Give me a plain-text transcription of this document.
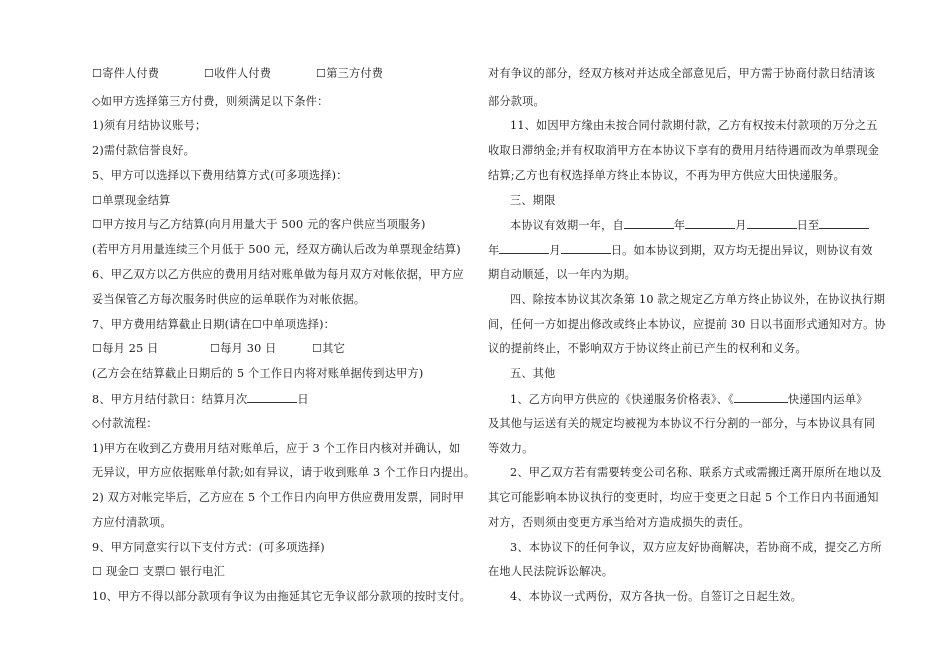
☐寄件人付费	☐收件人付费	☐第三方付费
◇如甲方选择第三方付费，则须满足以下条件：
1)须有月结协议账号；
2)需付款信誉良好。
5、甲方可以选择以下费用结算方式(可多项选择)：
☐单票现金结算
☐甲方按月与乙方结算(向月用量大于 500 元的客户供应当项服务)
(若甲方月用量连续三个月低于 500 元，经双方确认后改为单票现金结算)
6、甲乙双方以乙方供应的费用月结对账单做为每月双方对帐依据，甲方应
妥当保管乙方每次服务时供应的运单联作为对帐依据。
7、甲方费用结算截止日期(请在☐中单项选择)：
☐每月 25 日	☐每月 30 日	☐其它
(乙方会在结算截止日期后的 5 个工作日内将对账单据传到达甲方)
8、甲方月结付款日：结算月次	日
◇付款流程：
1)甲方在收到乙方费用月结对账单后，应于 3 个工作日内核对并确认，如
无异议，甲方应依据账单付款;如有异议，请于收到账单 3 个工作日内提出。
2) 双方对帐完毕后，乙方应在 5 个工作日内向甲方供应费用发票，同时甲
方应付清款项。
9、甲方同意实行以下支付方式：(可多项选择)
☐ 现金☐ 支票☐ 银行电汇
10、甲方不得以部分款项有争议为由拖延其它无争议部分款项的按时支付。
对有争议的部分，经双方核对并达成全部意见后，甲方需于协商付款日结清该
部分款项。
11、如因甲方缘由未按合同付款期付款，乙方有权按未付款项的万分之五
收取日滞纳金;并有权取消甲方在本协议下享有的费用月结待遇而改为单票现金
结算;乙方也有权选择单方终止本协议，不再为甲方供应大田快递服务。
三、期限
本协议有效期一年，自	年	月	日至
年	月	日。如本协议到期，双方均无提出异议，则协议有效
期自动顺延，以一年内为期。
四、除按本协议其次条第 10 款之规定乙方单方终止协议外，在协议执行期
间，任何一方如提出修改或终止本协议，应提前 30 日以书面形式通知对方。协
议的提前终止，不影响双方于协议终止前已产生的权利和义务。
五、其他
1、乙方向甲方供应的《快递服务价格表》、《	快递国内运单》
及其他与运送有关的规定均被视为本协议不行分割的一部分，与本协议具有同
等效力。
2、甲乙双方若有需要转变公司名称、联系方式或需搬迁离开原所在地以及
其它可能影响本协议执行的变更时，均应于变更之日起 5 个工作日内书面通知
对方，否则须由变更方承当给对方造成损失的责任。
3、本协议下的任何争议，双方应友好协商解决，若协商不成，提交乙方所
在地人民法院诉讼解决。
4、本协议一式两份，双方各执一份。自签订之日起生效。
